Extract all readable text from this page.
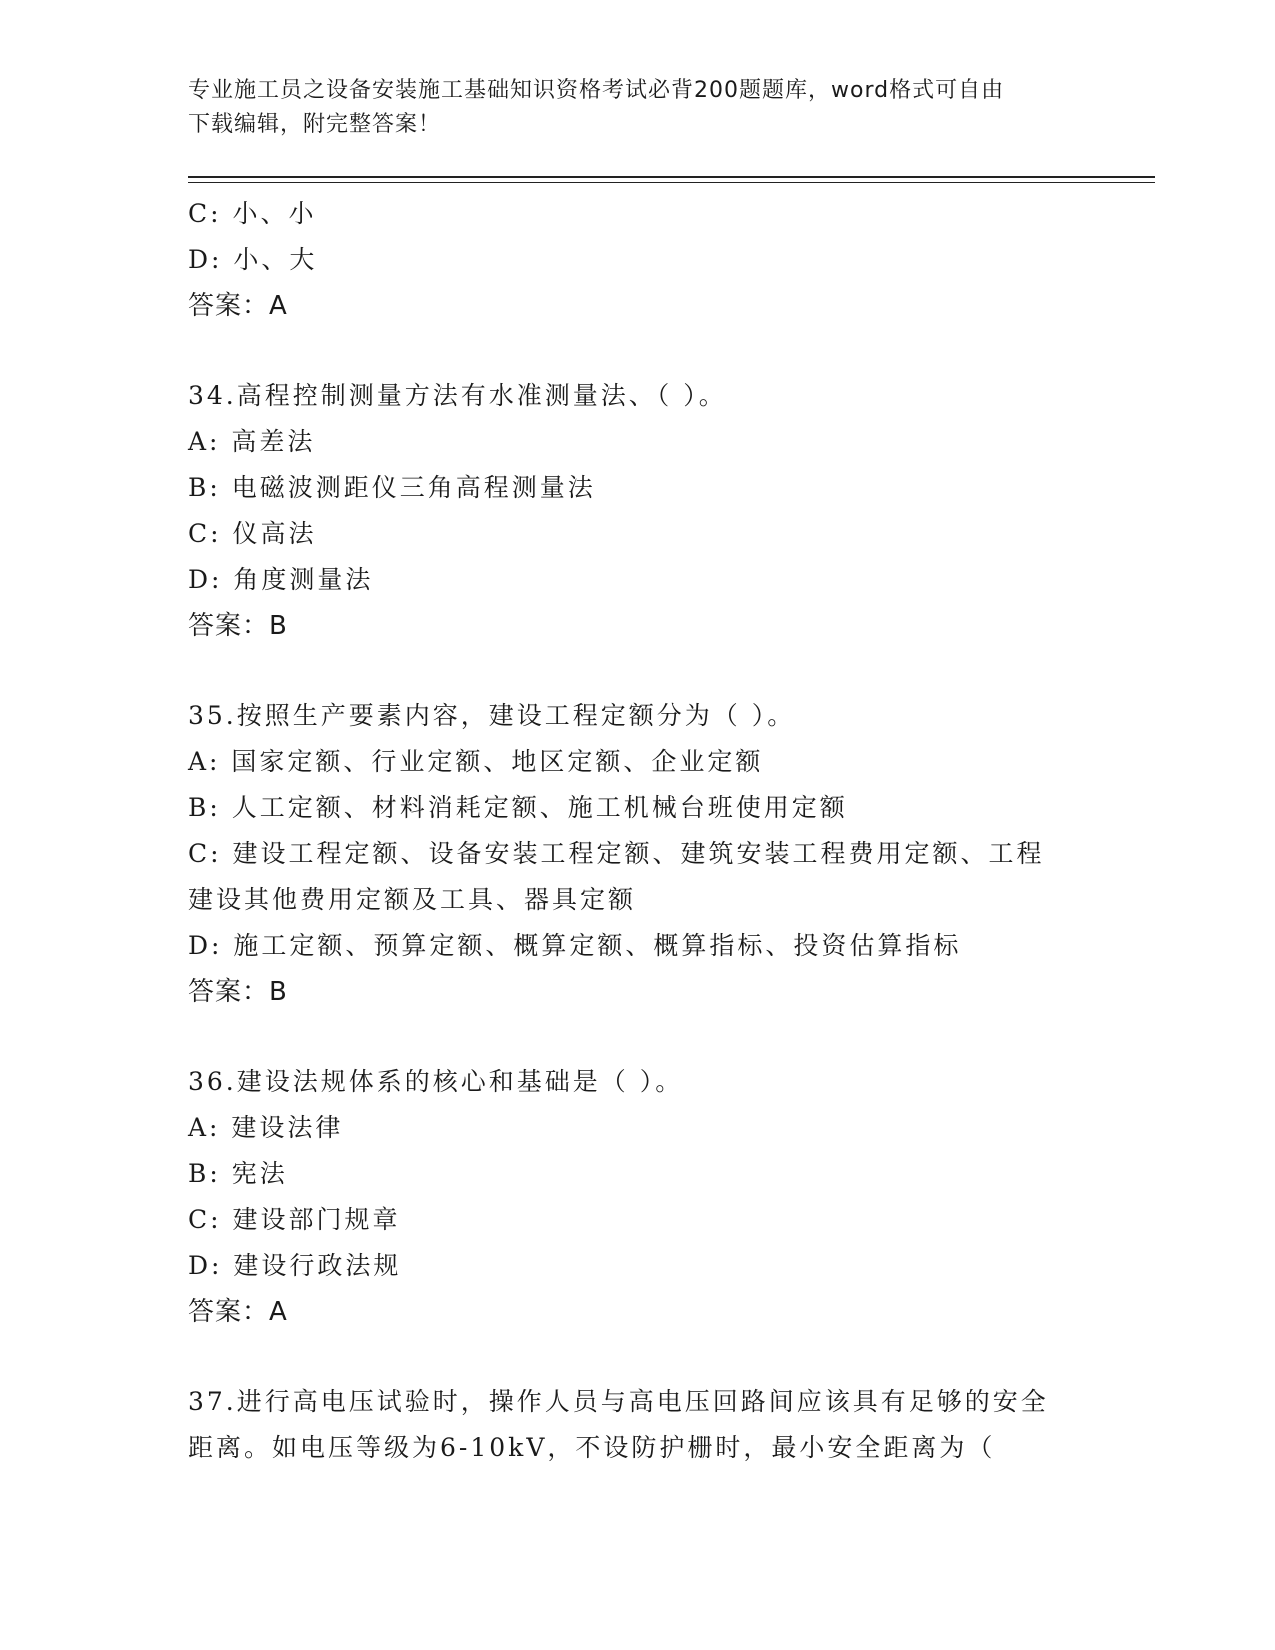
专业施工员之设备安装施工基础知识资格考试必背200题题库，word格式可自由
下载编辑，附完整答案！
C: 小、小
D: 小、大
答案：A
34.高程控制测量方法有水准测量法、（ ）。
A: 高差法
B: 电磁波测距仪三角高程测量法
C: 仪高法
D: 角度测量法
答案：B
35.按照生产要素内容，建设工程定额分为（ ）。
A: 国家定额、行业定额、地区定额、企业定额
B: 人工定额、材料消耗定额、施工机械台班使用定额
C: 建设工程定额、设备安装工程定额、建筑安装工程费用定额、工程
建设其他费用定额及工具、器具定额
D: 施工定额、预算定额、概算定额、概算指标、投资估算指标
答案：B
36.建设法规体系的核心和基础是（ ）。
A: 建设法律
B: 宪法
C: 建设部门规章
D: 建设行政法规
答案：A
37.进行高电压试验时，操作人员与高电压回路间应该具有足够的安全
距离。如电压等级为6-10kV，不设防护栅时，最小安全距离为（
